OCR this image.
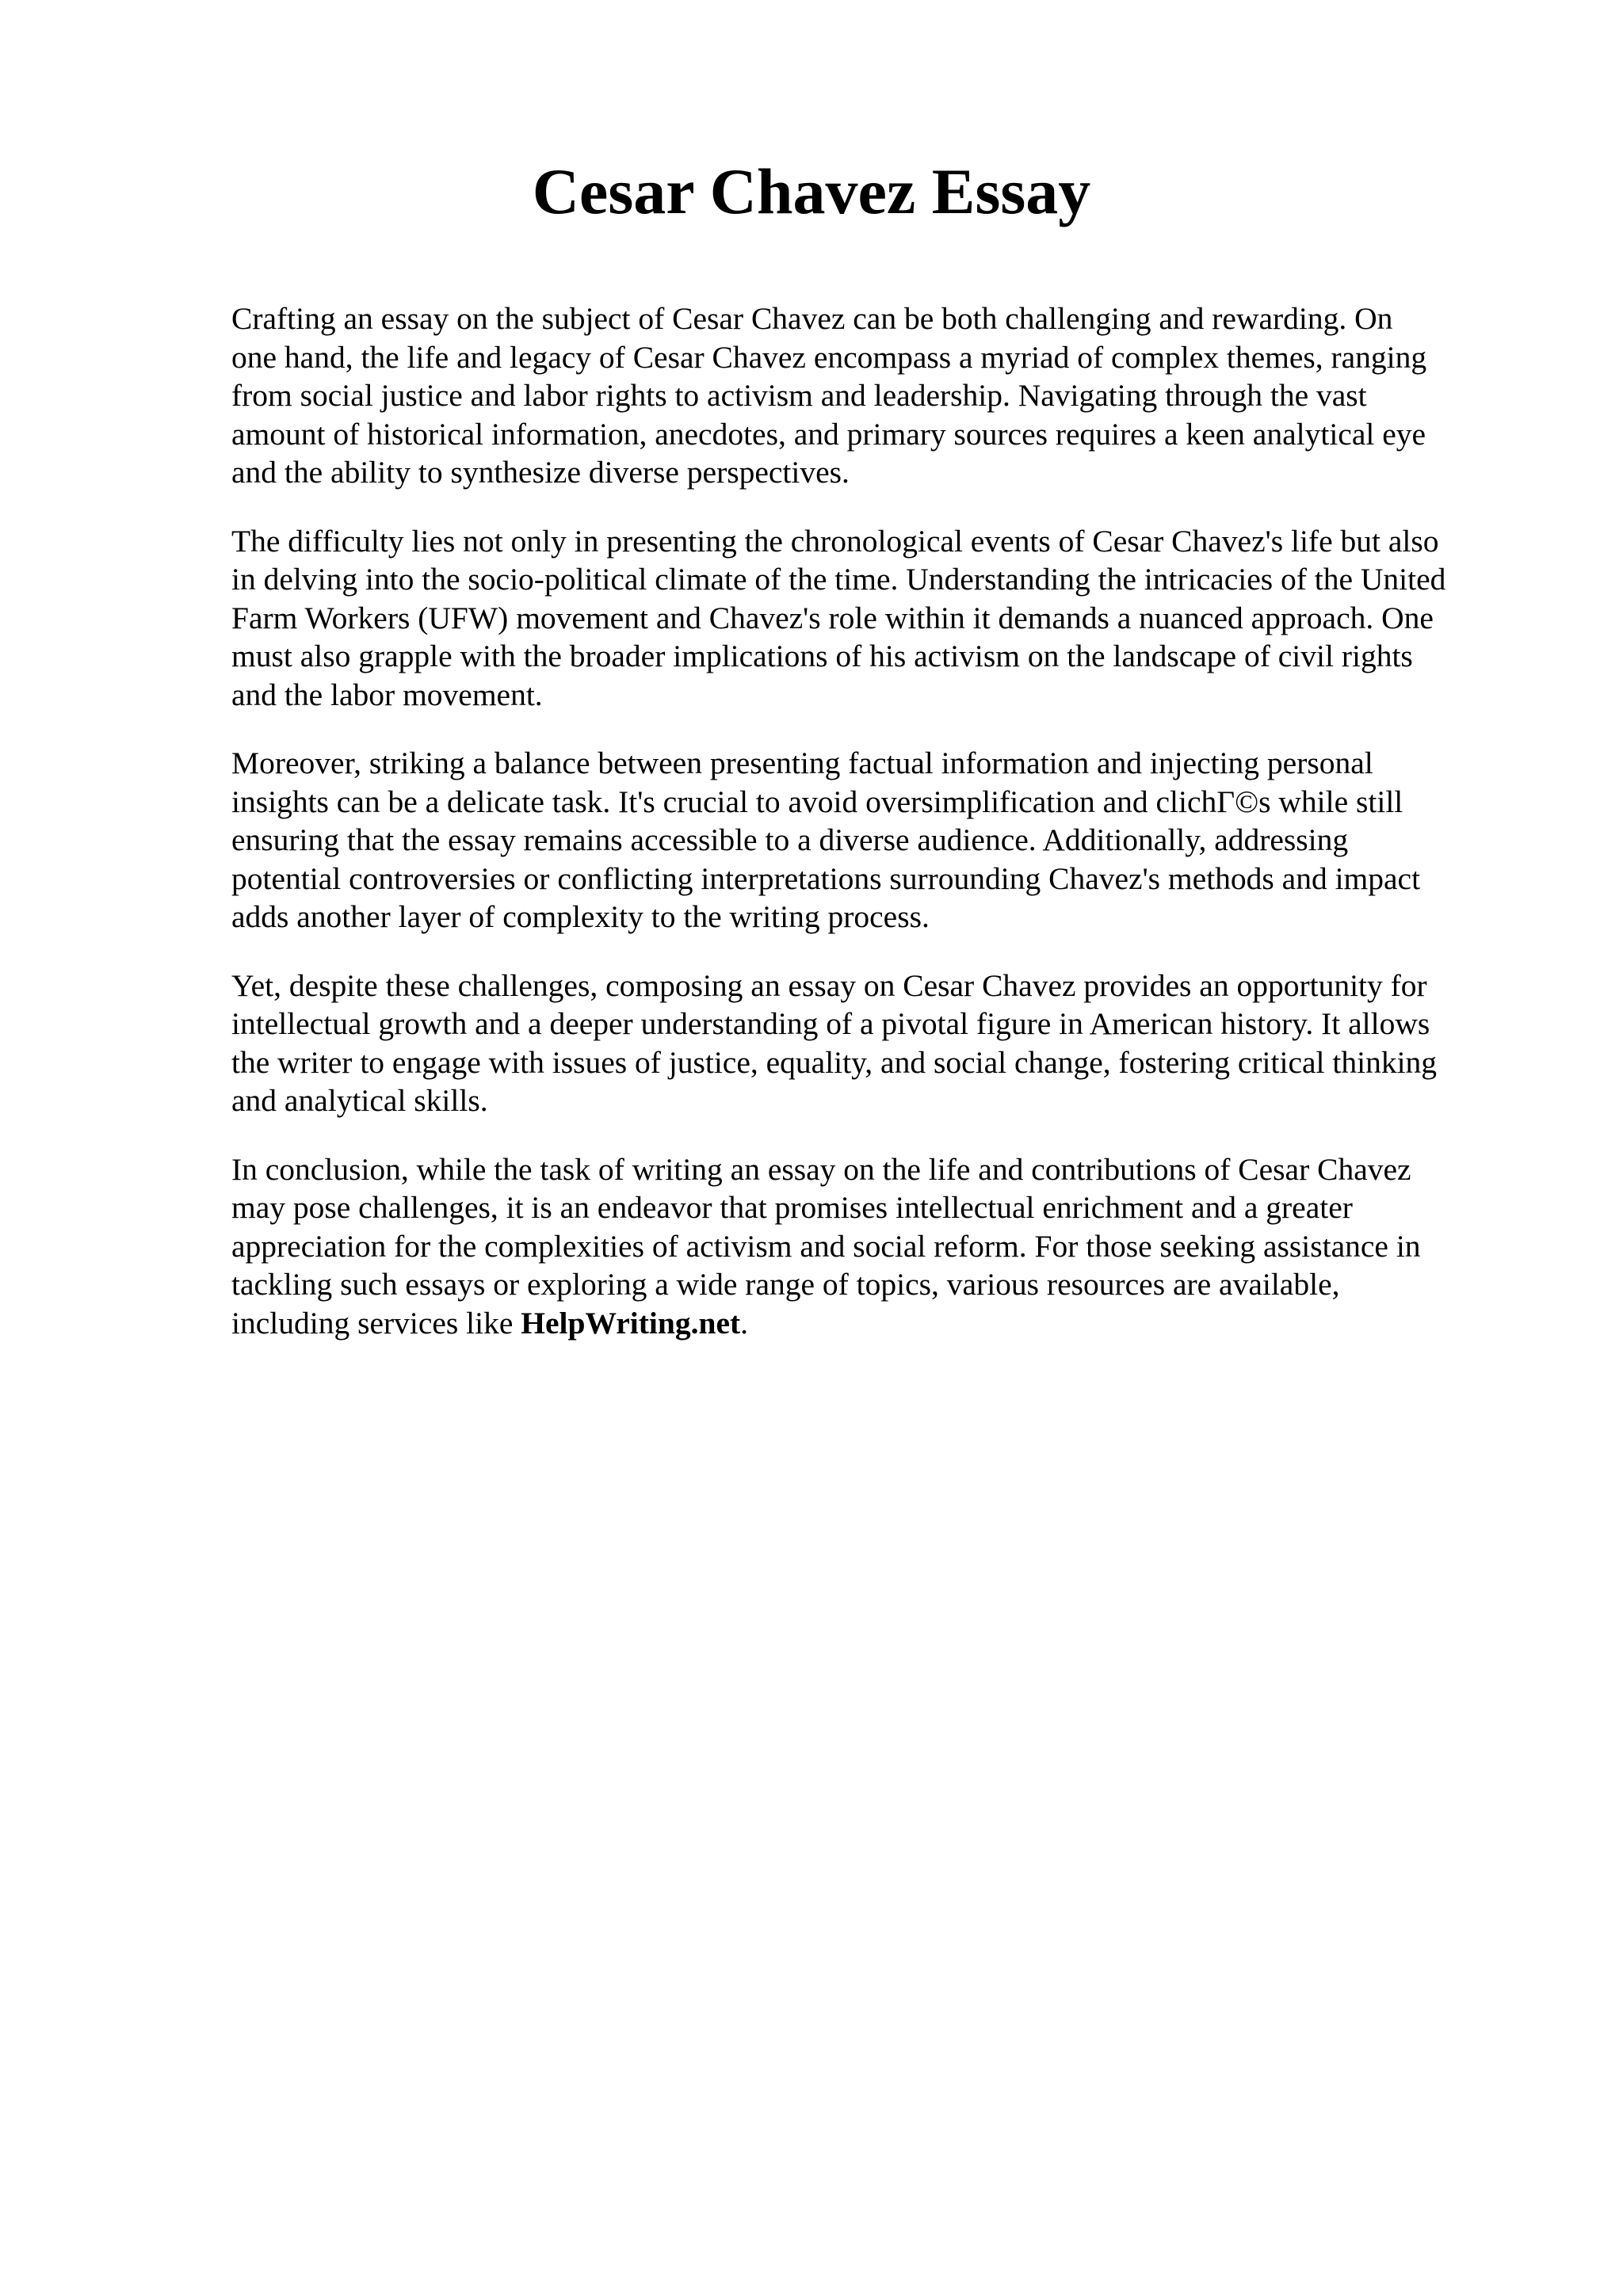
Cesar Chavez Essay

Crafting an essay on the subject of Cesar Chavez can be both challenging and rewarding. On
one hand, the life and legacy of Cesar Chavez encompass a myriad of complex themes, ranging
from social justice and labor rights to activism and leadership. Navigating through the vast
amount of historical information, anecdotes, and primary sources requires a keen analytical eye
and the ability to synthesize diverse perspectives.

The difficulty lies not only in presenting the chronological events of Cesar Chavez's life but also
in delving into the socio-political climate of the time. Understanding the intricacies of the United
Farm Workers (UFW) movement and Chavez's role within it demands a nuanced approach. One
must also grapple with the broader implications of his activism on the landscape of civil rights
and the labor movement.

Moreover, striking a balance between presenting factual information and injecting personal
insights can be a delicate task. It's crucial to avoid oversimplification and clichΓ©s while still
ensuring that the essay remains accessible to a diverse audience. Additionally, addressing
potential controversies or conflicting interpretations surrounding Chavez's methods and impact
adds another layer of complexity to the writing process.

Yet, despite these challenges, composing an essay on Cesar Chavez provides an opportunity for
intellectual growth and a deeper understanding of a pivotal figure in American history. It allows
the writer to engage with issues of justice, equality, and social change, fostering critical thinking
and analytical skills.

In conclusion, while the task of writing an essay on the life and contributions of Cesar Chavez
may pose challenges, it is an endeavor that promises intellectual enrichment and a greater
appreciation for the complexities of activism and social reform. For those seeking assistance in
tackling such essays or exploring a wide range of topics, various resources are available,
including services like HelpWriting.net.
